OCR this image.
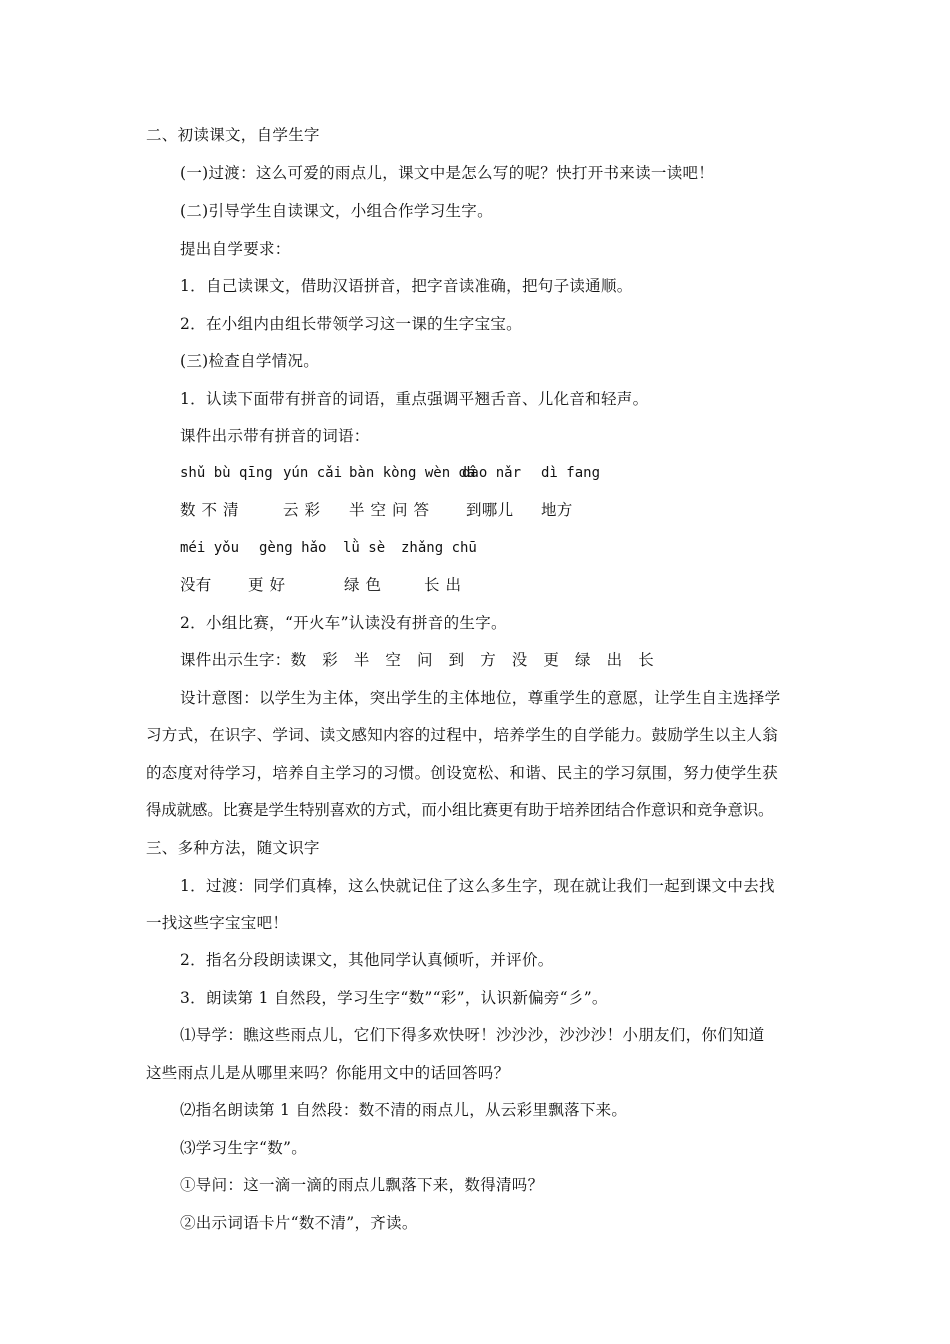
二、初读课文，自学生字
(一)过渡：这么可爱的雨点儿，课文中是怎么写的呢？快打开书来读一读吧！
(二)引导学生自读课文，小组合作学习生字。
提出自学要求：
1．自己读课文，借助汉语拼音，把字音读准确，把句子读通顺。
2．在小组内由组长带领学习这一课的生字宝宝。
(三)检查自学情况。
1．认读下面带有拼音的词语，重点强调平翘舌音、儿化音和轻声。
课件出示带有拼音的词语：
shǔ bù qīng yún cǎi bàn kòng wèn dá
dào nǎr dì fang
数不清 云彩 半空问答 到哪儿 地方
méi yǒu gèng hǎo lǜ sè zhǎng chū
没有 更好	绿色 长出
2．小组比赛，“开火车”认读没有拼音的生字。
课件出示生字：数　彩　半　空　问　到　方　没　更　绿　出　长
设计意图：以学生为主体，突出学生的主体地位，尊重学生的意愿，让学生自主选择学
习方式，在识字、学词、读文感知内容的过程中，培养学生的自学能力。鼓励学生以主人翁
的态度对待学习，培养自主学习的习惯。创设宽松、和谐、民主的学习氛围，努力使学生获
得成就感。比赛是学生特别喜欢的方式，而小组比赛更有助于培养团结合作意识和竞争意识。
三、多种方法，随文识字
1．过渡：同学们真棒，这么快就记住了这么多生字，现在就让我们一起到课文中去找
一找这些字宝宝吧！
2．指名分段朗读课文，其他同学认真倾听，并评价。
3．朗读第 1 自然段，学习生字“数”“彩”，认识新偏旁“彡”。
⑴导学：瞧这些雨点儿，它们下得多欢快呀！沙沙沙，沙沙沙！小朋友们，你们知道
这些雨点儿是从哪里来吗？你能用文中的话回答吗？
⑵指名朗读第 1 自然段：数不清的雨点儿，从云彩里飘落下来。
⑶学习生字“数”。
①导问：这一滴一滴的雨点儿飘落下来，数得清吗？
②出示词语卡片“数不清”，齐读。
